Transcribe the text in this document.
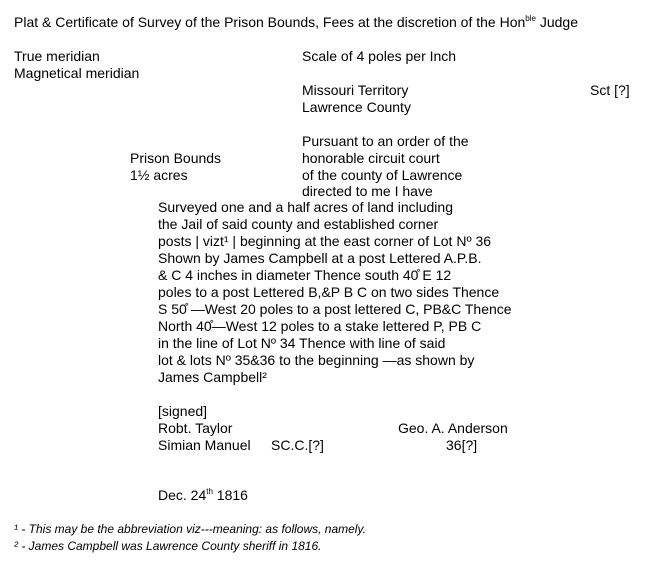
Plat & Certificate of Survey of the Prison Bounds, Fees at the discretion of the Hon$^{ble}$ Judge
True meridian
Magnetical meridian
Scale of 4 poles per Inch
Missouri Territory
Lawrence County
Sct [?]
Prison Bounds
1½ acres
Pursuant to an order of the
honorable circuit court
of the county of Lawrence
directed to me I have
Surveyed one and a half acres of land including
the Jail of said county and established corner
posts | vizt¹ | beginning at the east corner of Lot Nº 36
Shown by James Campbell at a post Lettered A.P.B.
& C 4 inches in diameter Thence south 40̊ E 12
poles to a post Lettered B,&P B C on two sides Thence
S 50̊ —West 20 poles to a post lettered C, PB&C Thence
North 40̊—West 12 poles to a stake lettered P, PB C
in the line of Lot Nº 34 Thence with line of said
lot & lots Nº 35&36 to the beginning —as shown by
James Campbell²
[signed]
Robt. Taylor	Geo. A. Anderson
Simian Manuel SC.C.[?]	36[?]
Dec. 24th 1816
¹ - This may be the abbreviation viz---meaning: as follows, namely.
² - James Campbell was Lawrence County sheriff in 1816.
